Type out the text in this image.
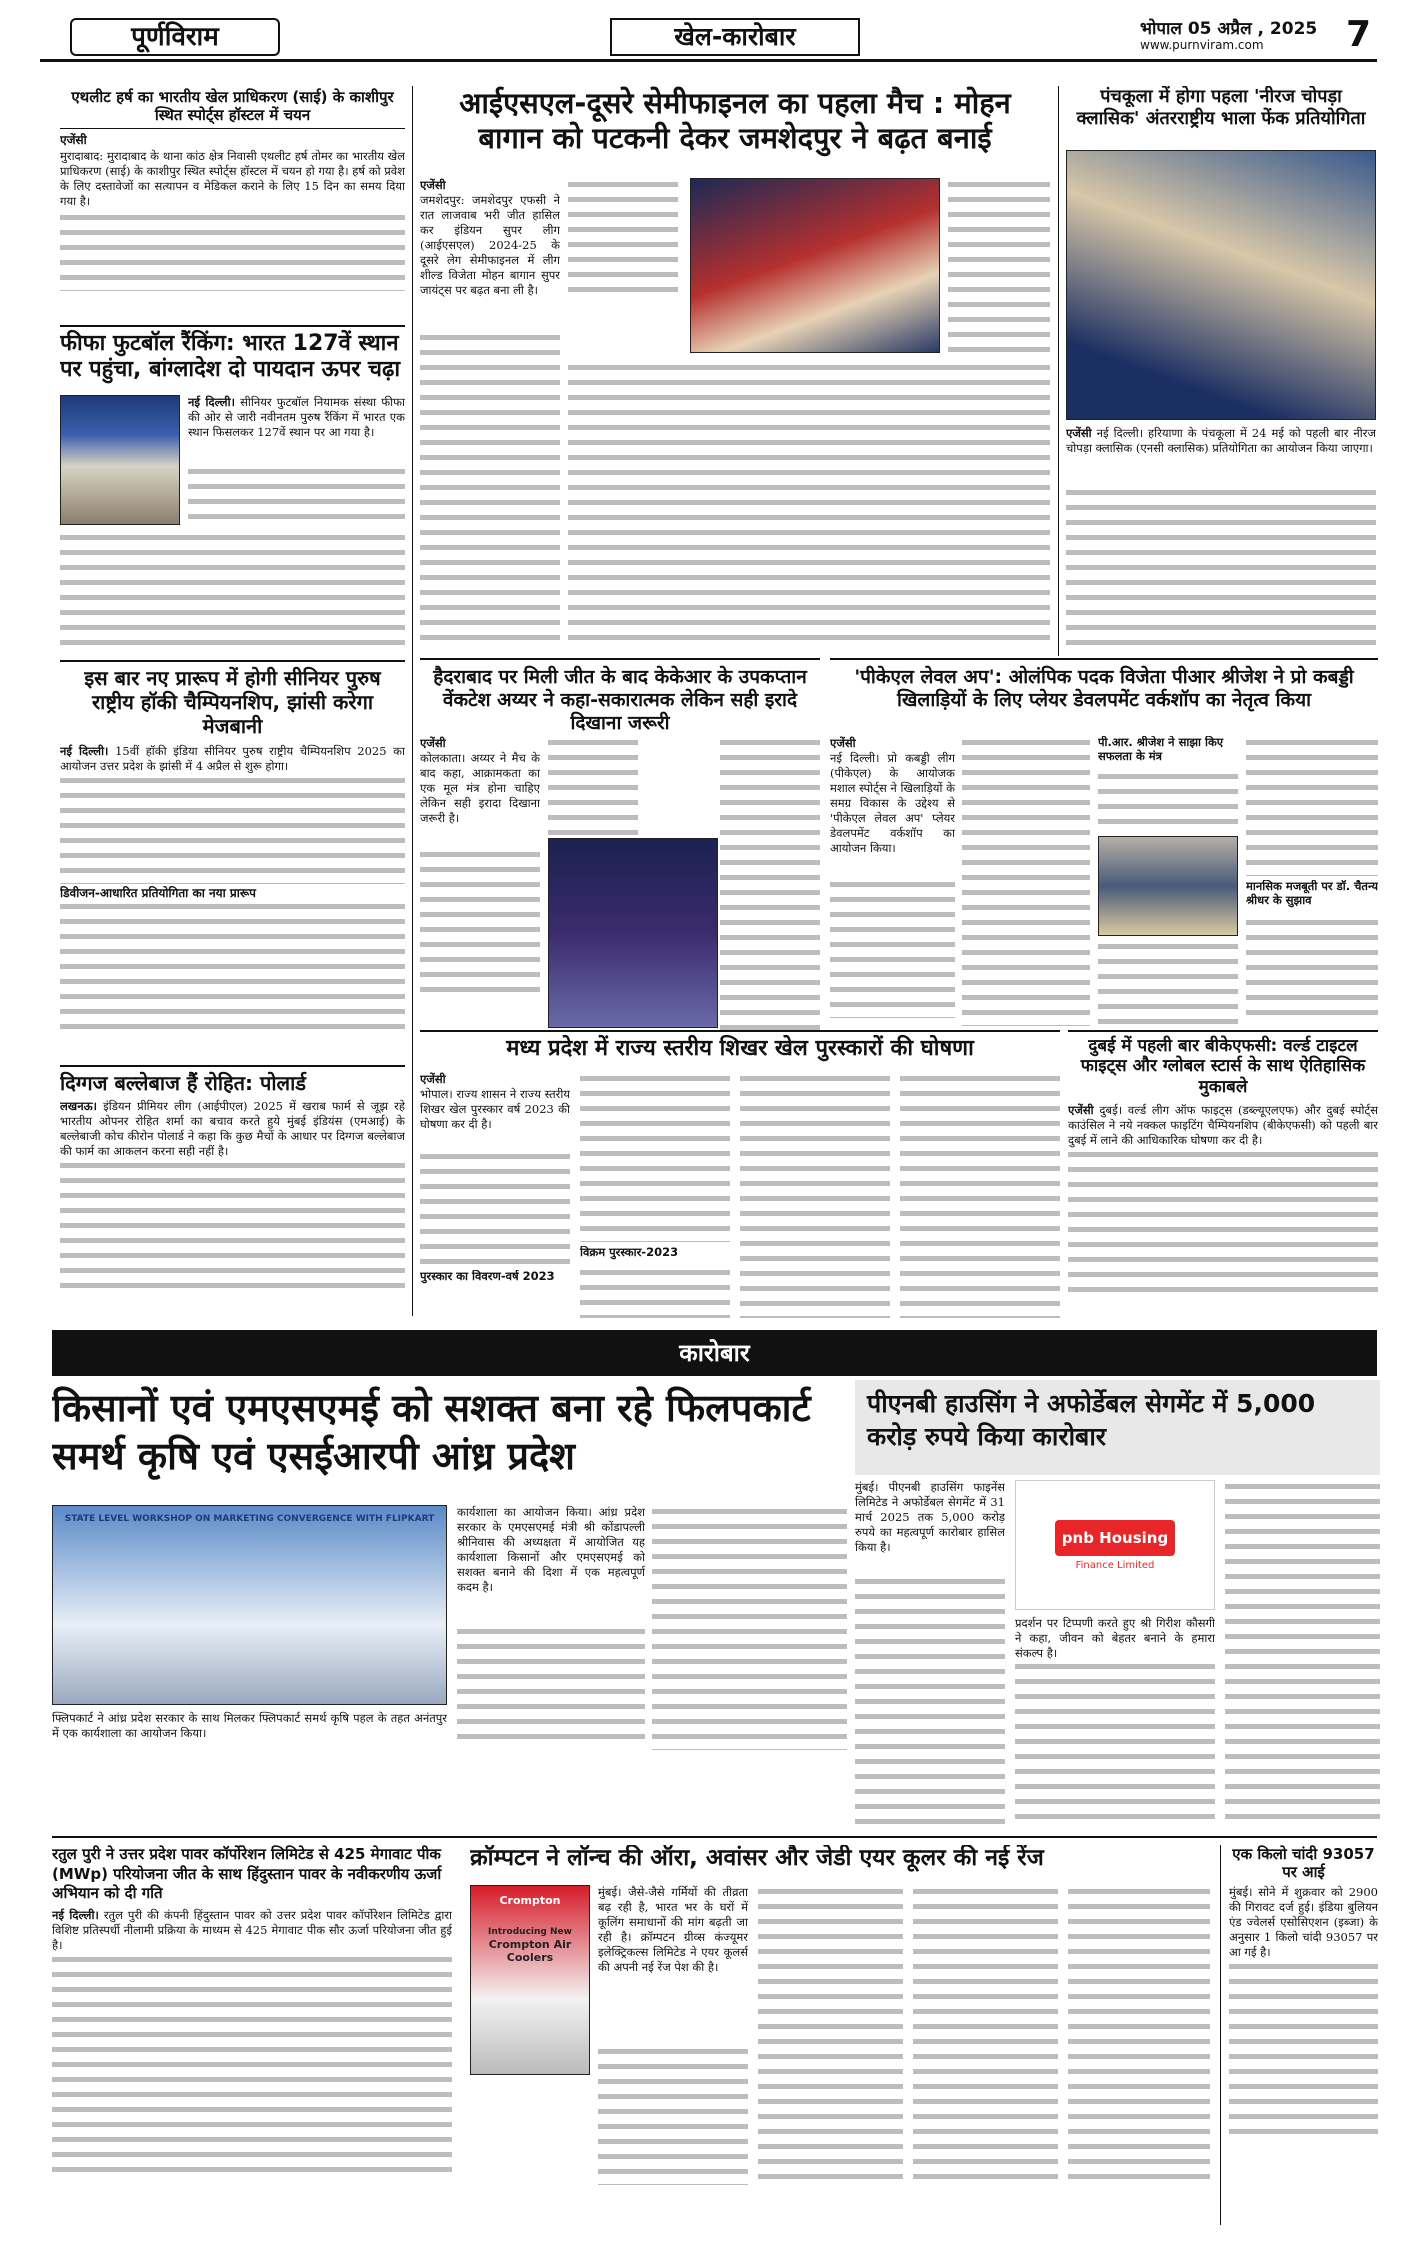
पूर्णविराम	खेल-कारोबार	भोपाल 05 अप्रैल , 2025
www.purnviram.com 7
एथलीट हर्ष का भारतीय खेल प्राधिकरण (साई) के काशीपुर स्थित स्पोर्ट्स हॉस्टल में चयन
एजेंसी
मुरादाबाद: मुरादाबाद के थाना कांठ क्षेत्र निवासी एथलीट हर्ष तोमर का भारतीय खेल प्राधिकरण (साई) के काशीपुर स्थित स्पोर्ट्स हॉस्टल में चयन हो गया है। हर्ष को प्रवेश के लिए दस्तावेजों का सत्यापन व मेडिकल कराने के लिए 15 दिन का समय दिया गया है।
फीफा फुटबॉल रैंकिंग: भारत 127वें स्थान पर पहुंचा, बांग्लादेश दो पायदान ऊपर चढ़ा
नई दिल्ली। सीनियर फुटबॉल नियामक संस्था फीफा की ओर से जारी नवीनतम पुरुष रैंकिंग में भारत एक स्थान फिसलकर 127वें स्थान पर आ गया है।
इस बार नए प्रारूप में होगी सीनियर पुरुष राष्ट्रीय हॉकी चैम्पियनशिप, झांसी करेगा मेजबानी
नई दिल्ली। 15वीं हॉकी इंडिया सीनियर पुरुष राष्ट्रीय चैम्पियनशिप 2025 का आयोजन उत्तर प्रदेश के झांसी में 4 अप्रैल से शुरू होगा।
डिवीजन-आधारित प्रतियोगिता का नया प्रारूप
दिग्गज बल्लेबाज हैं रोहित: पोलार्ड
लखनऊ। इंडियन प्रीमियर लीग (आईपीएल) 2025 में खराब फार्म से जूझ रहे भारतीय ओपनर रोहित शर्मा का बचाव करते हुये मुंबई इंडियंस (एमआई) के बल्लेबाजी कोच कीरोन पोलार्ड ने कहा कि कुछ मैचों के आधार पर दिग्गज बल्लेबाज की फार्म का आकलन करना सही नहीं है।
आईएसएल-दूसरे सेमीफाइनल का पहला मैच : मोहन बागान को पटकनी देकर जमशेदपुर ने बढ़त बनाई
एजेंसी
जमशेदपुर: जमशेदपुर एफसी ने रात लाजवाब भरी जीत हासिल कर इंडियन सुपर लीग (आईएसएल) 2024-25 के दूसरे लेग सेमीफाइनल में लीग शील्ड विजेता मोहन बागान सुपर जायंट्स पर बढ़त बना ली है।
पंचकूला में होगा पहला 'नीरज चोपड़ा क्लासिक' अंतरराष्ट्रीय भाला फेंक प्रतियोगिता
एजेंसी नई दिल्ली। हरियाणा के पंचकूला में 24 मई को पहली बार नीरज चोपड़ा क्लासिक (एनसी क्लासिक) प्रतियोगिता का आयोजन किया जाएगा।
हैदराबाद पर मिली जीत के बाद केकेआर के उपकप्तान वेंकटेश अय्यर ने कहा-सकारात्मक लेकिन सही इरादे दिखाना जरूरी
एजेंसी
कोलकाता। अय्यर ने मैच के बाद कहा, आक्रामकता का एक मूल मंत्र होना चाहिए लेकिन सही इरादा दिखाना जरूरी है।
मध्य प्रदेश में राज्य स्तरीय शिखर खेल पुरस्कारों की घोषणा
एजेंसी
भोपाल। राज्य शासन ने राज्य स्तरीय शिखर खेल पुरस्कार वर्ष 2023 की घोषणा कर दी है।
पुरस्कार का विवरण-वर्ष 2023
विक्रम पुरस्कार-2023
'पीकेएल लेवल अप': ओलंपिक पदक विजेता पीआर श्रीजेश ने प्रो कबड्डी खिलाड़ियों के लिए प्लेयर डेवलपमेंट वर्कशॉप का नेतृत्व किया
एजेंसी
नई दिल्ली। प्रो कबड्डी लीग (पीकेएल) के आयोजक मशाल स्पोर्ट्स ने खिलाड़ियों के समग्र विकास के उद्देश्य से 'पीकेएल लेवल अप' प्लेयर डेवलपमेंट वर्कशॉप का आयोजन किया।
पी.आर. श्रीजेश ने साझा किए सफलता के मंत्र
मानसिक मजबूती पर डॉ. चैतन्य श्रीधर के सुझाव
दुबई में पहली बार बीकेएफसी: वर्ल्ड टाइटल फाइट्स और ग्लोबल स्टार्स के साथ ऐतिहासिक मुकाबले
एजेंसी दुबई। वर्ल्ड लीग ऑफ फाइट्स (डब्ल्यूएलएफ) और दुबई स्पोर्ट्स काउंसिल ने नये नक्कल फाइटिंग चैम्पियनशिप (बीकेएफसी) को पहली बार दुबई में लाने की आधिकारिक घोषणा कर दी है।
कारोबार
किसानों एवं एमएसएमई को सशक्त बना रहे फिलपकार्ट समर्थ कृषि एवं एसईआरपी आंध्र प्रदेश
STATE LEVEL WORKSHOP ON MARKETING CONVERGENCE WITH FLIPKART
फ्लिपकार्ट ने आंध्र प्रदेश सरकार के साथ मिलकर फ्लिपकार्ट समर्थ कृषि पहल के तहत अनंतपुर में एक कार्यशाला का आयोजन किया।
कार्यशाला का आयोजन किया। आंध्र प्रदेश सरकार के एमएसएमई मंत्री श्री कोंडापल्ली श्रीनिवास की अध्यक्षता में आयोजित यह कार्यशाला किसानों और एमएसएमई को सशक्त बनाने की दिशा में एक महत्वपूर्ण कदम है।
पीएनबी हाउसिंग ने अफोर्डेबल सेगमेंट में 5,000 करोड़ रुपये किया कारोबार
मुंबई। पीएनबी हाउसिंग फाइनेंस लिमिटेड ने अफोर्डेबल सेगमेंट में 31 मार्च 2025 तक 5,000 करोड़ रुपये का महत्वपूर्ण कारोबार हासिल किया है।
pnb Housing
Finance Limited
प्रदर्शन पर टिप्पणी करते हुए श्री गिरीश कौसगी ने कहा, जीवन को बेहतर बनाने के हमारा संकल्प है।
रतुल पुरी ने उत्तर प्रदेश पावर कॉर्पोरेशन लिमिटेड से 425 मेगावाट पीक (MWp) परियोजना जीत के साथ हिंदुस्तान पावर के नवीकरणीय ऊर्जा अभियान को दी गति
नई दिल्ली। रतुल पुरी की कंपनी हिंदुस्तान पावर को उत्तर प्रदेश पावर कॉर्पोरेशन लिमिटेड द्वारा विशिष्ट प्रतिस्पर्धी नीलामी प्रक्रिया के माध्यम से 425 मेगावाट पीक सौर ऊर्जा परियोजना जीत हुई है।
क्रॉम्पटन ने लॉन्च की ऑरा, अवांसर और जेडी एयर कूलर की नई रेंज
Crompton
Introducing New
Crompton Air Coolers
मुंबई। जैसे-जैसे गर्मियों की तीव्रता बढ़ रही है, भारत भर के घरों में कूलिंग समाधानों की मांग बढ़ती जा रही है। क्रॉम्पटन ग्रीव्स कंज्यूमर इलेक्ट्रिकल्स लिमिटेड ने एयर कूलर्स की अपनी नई रेंज पेश की है।
एक किलो चांदी 93057 पर आई
मुंबई। सोने में शुक्रवार को 2900 की गिरावट दर्ज हुई। इंडिया बुलियन एंड ज्वेलर्स एसोसिएशन (इब्जा) के अनुसार 1 किलो चांदी 93057 पर आ गई है।
